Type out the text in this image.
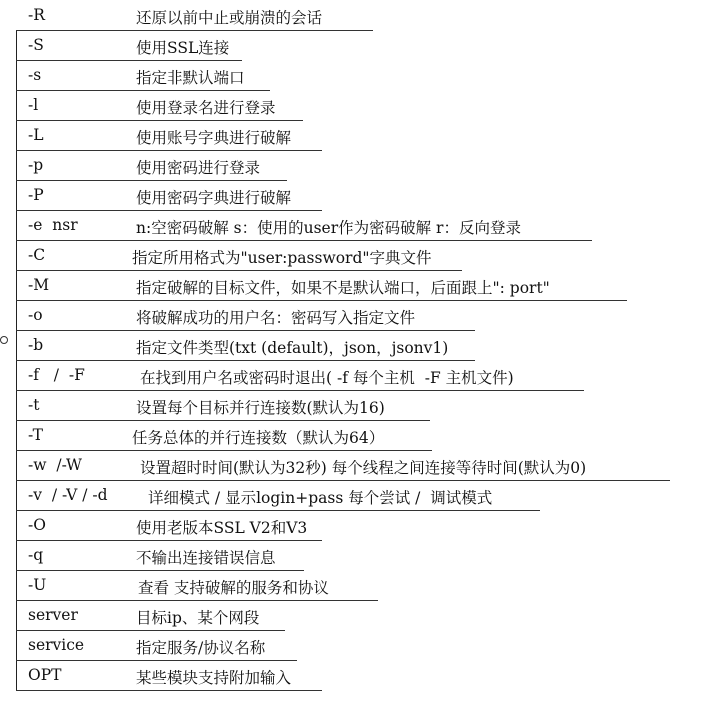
-R	还原以前中止或崩溃的会话
-S	使用SSL连接
-s	指定非默认端口
-l	使用登录名进行登录
-L	使用账号字典进行破解
-p	使用密码进行登录
-P	使用密码字典进行破解
-e  nsr	n:空密码破解 s：使用的user作为密码破解 r：反向登录
-C	指定所用格式为"user:password"字典文件
-M	指定破解的目标文件，如果不是默认端口，后面跟上": port"
-o	将破解成功的用户名：密码写入指定文件
-b	指定文件类型(txt (default)，json，jsonv1)
-f   /  -F	在找到用户名或密码时退出( -f 每个主机  -F 主机文件)
-t	设置每个目标并行连接数(默认为16)
-T	任务总体的并行连接数（默认为64）
-w  /-W	设置超时时间(默认为32秒) 每个线程之间连接等待时间(默认为0)
-v  / -V / -d	详细模式 / 显示login+pass 每个尝试 /  调试模式
-O	使用老版本SSL V2和V3
-q	不输出连接错误信息
-U	查看 支持破解的服务和协议
server	目标ip、某个网段
service	指定服务/协议名称
OPT	某些模块支持附加输入
